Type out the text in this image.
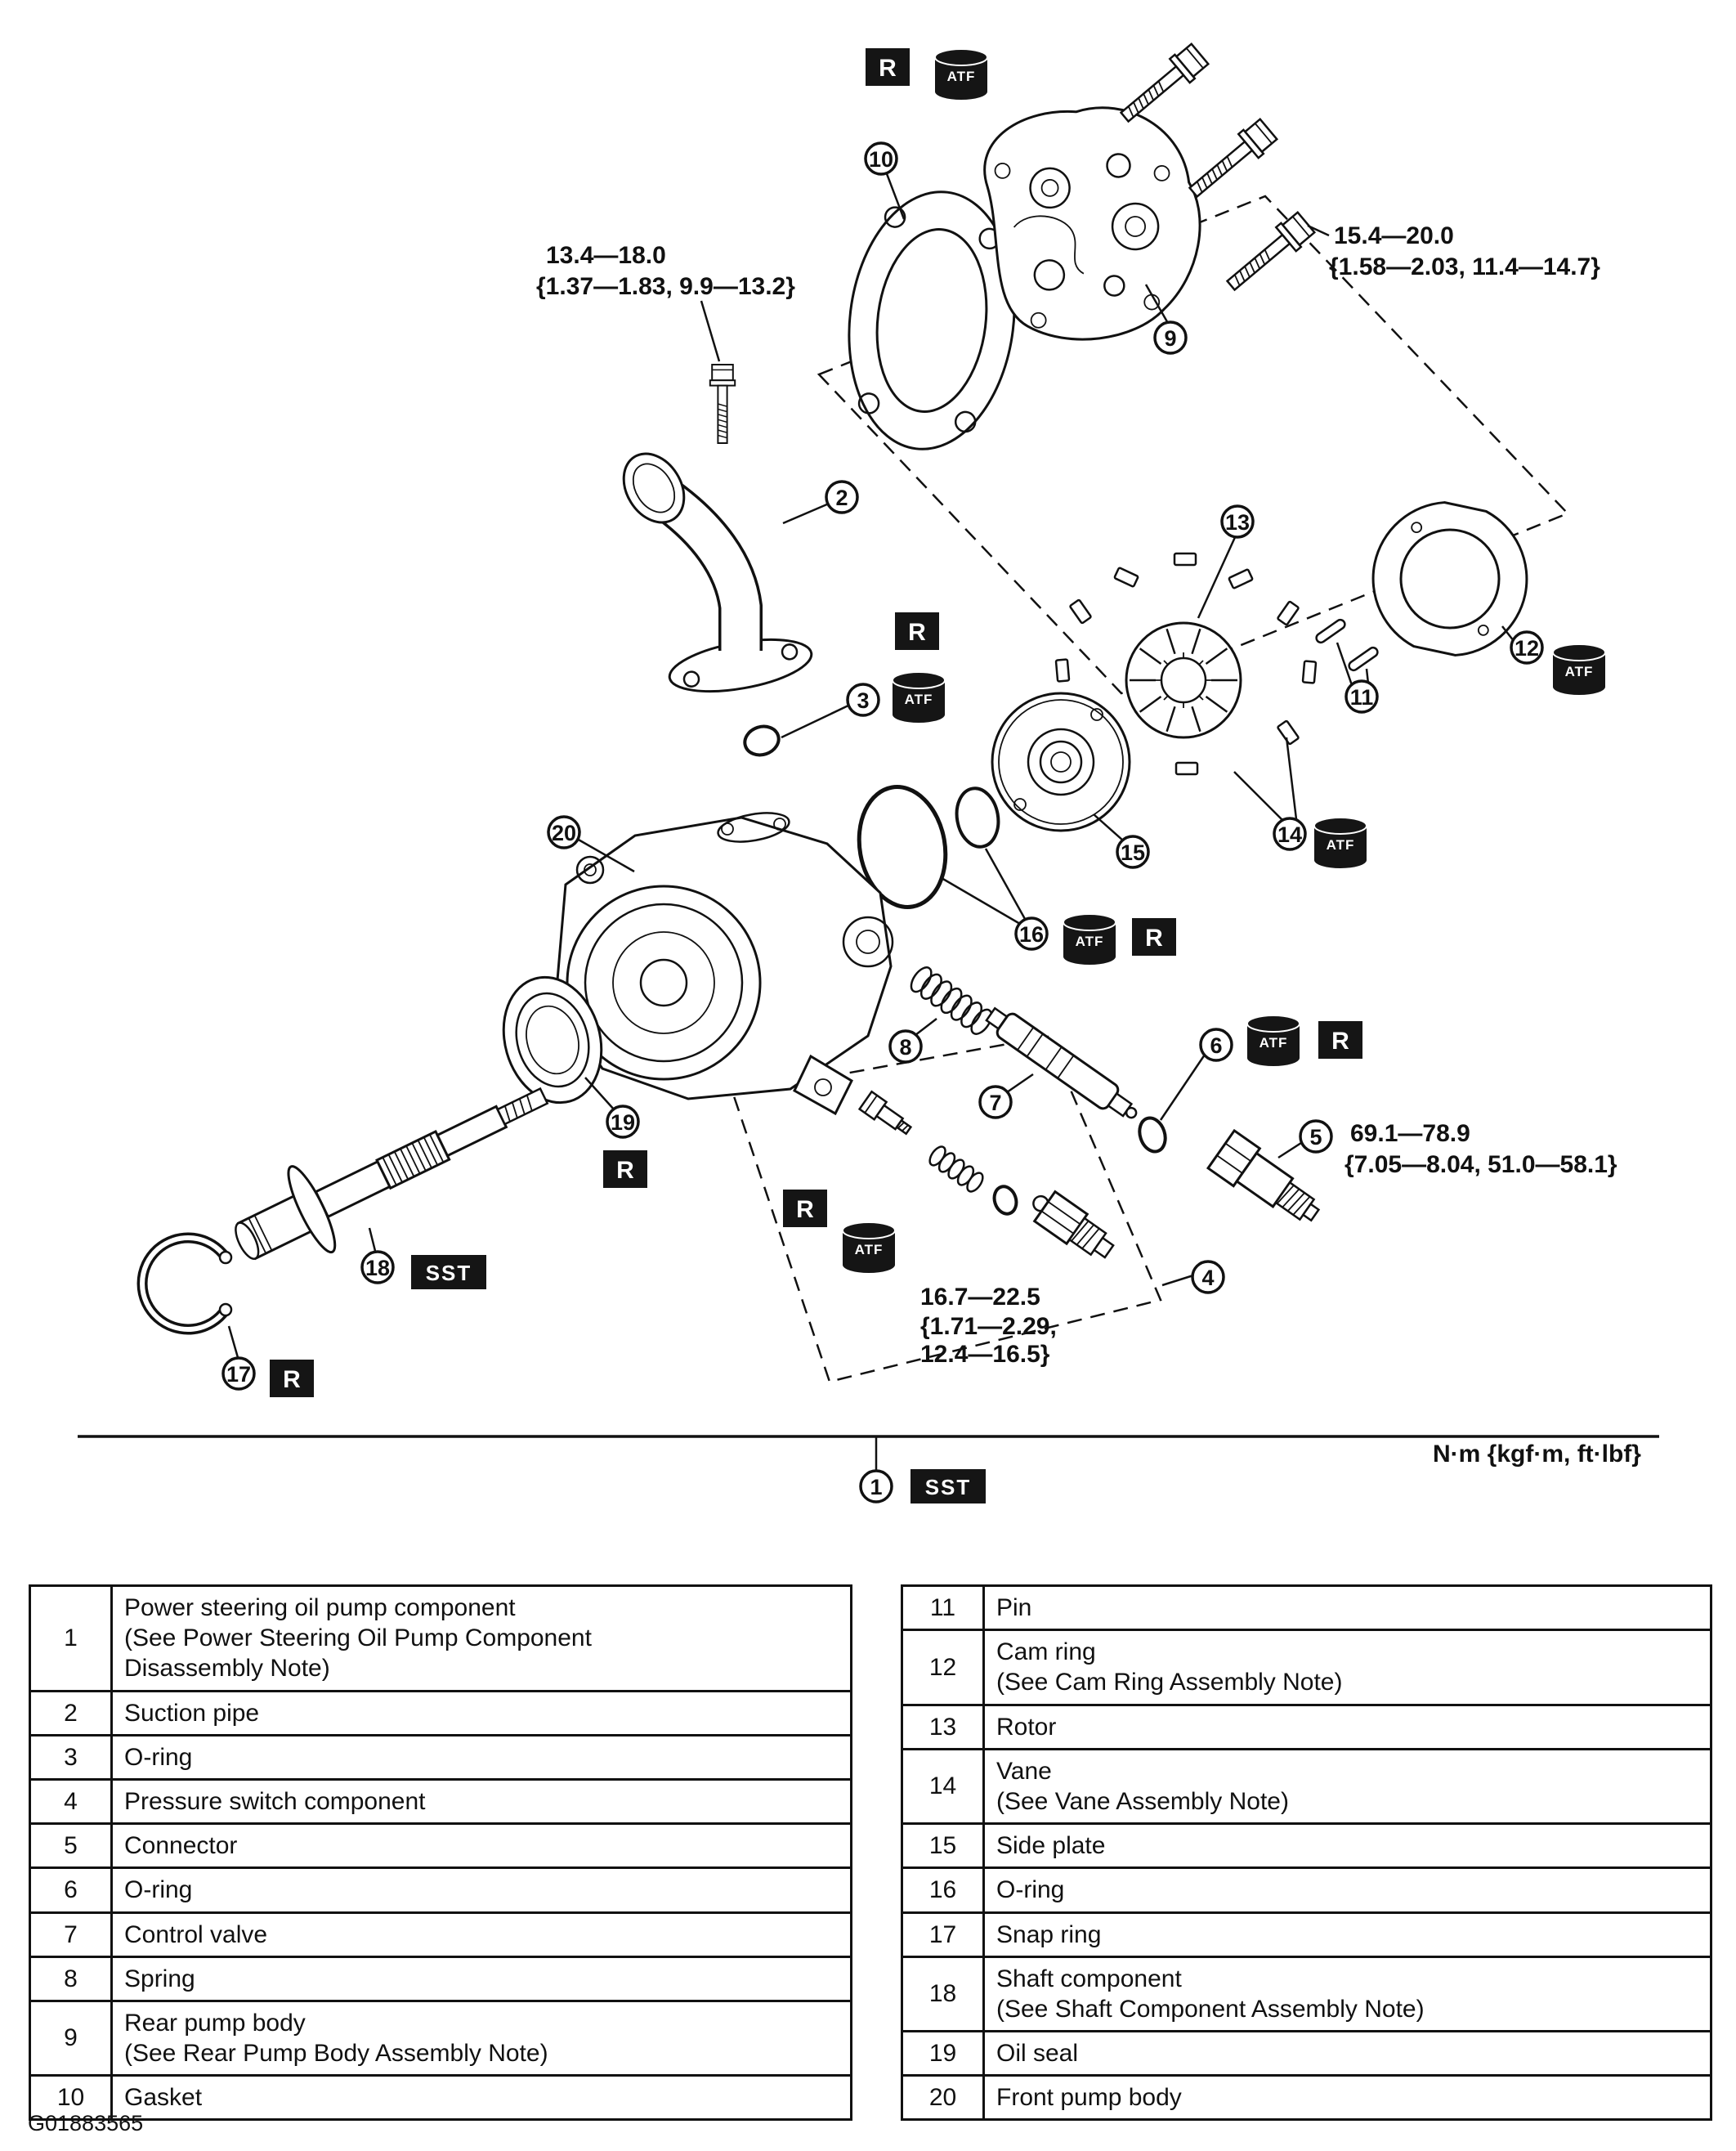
1
2
3
4
5
6
7
8
9
10
11
12
13
14
15
16
17
18
19
20
R
R
R
R
R
R
R
ATF
ATF
ATF
ATF
ATF
ATF
ATF
SST
SST
13.4—18.0
{1.37—1.83, 9.9—13.2}
15.4—20.0
{1.58—2.03, 11.4—14.7}
69.1—78.9
{7.05—8.04, 51.0—58.1}
16.7—22.5
{1.71—2.29,
12.4—16.5}
N·m {kgf·m, ft·lbf}
1	Power steering oil pump component
(See Power Steering Oil Pump Component
Disassembly Note)

2	Suction pipe

3	O-ring

4	Pressure switch component

5	Connector

6	O-ring

7	Control valve

8	Spring

9	Rear pump body
(See Rear Pump Body Assembly Note)

10	Gasket
11	Pin

12	Cam ring
(See Cam Ring Assembly Note)

13	Rotor

14	Vane
(See Vane Assembly Note)

15	Side plate

16	O-ring

17	Snap ring

18	Shaft component
(See Shaft Component Assembly Note)

19	Oil seal

20	Front pump body
G01883565
